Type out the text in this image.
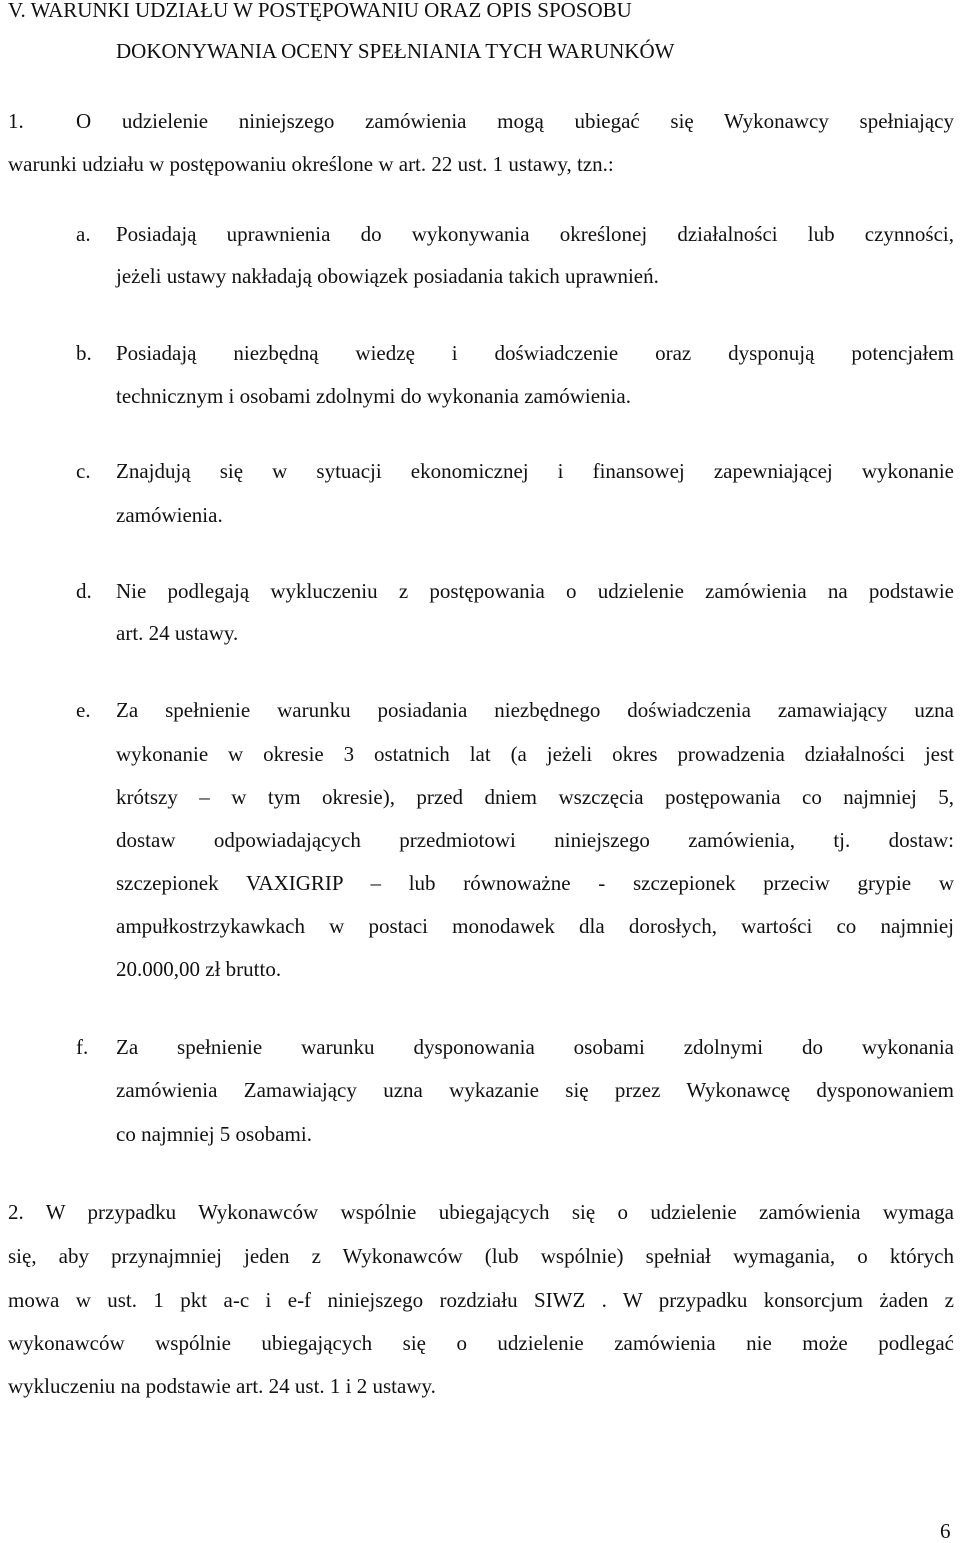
V. WARUNKI UDZIAŁU W POSTĘPOWANIU ORAZ OPIS SPOSOBU
DOKONYWANIA OCENY SPEŁNIANIA TYCH WARUNKÓW
1. O udzielenie niniejszego zamówienia mogą ubiegać się Wykonawcy spełniający
warunki udziału w postępowaniu określone w art. 22 ust. 1 ustawy, tzn.:
a. Posiadają uprawnienia do wykonywania określonej działalności lub czynności,
jeżeli ustawy nakładają obowiązek posiadania takich uprawnień.
b. Posiadają niezbędną wiedzę i doświadczenie oraz dysponują potencjałem
technicznym i osobami zdolnymi do wykonania zamówienia.
c. Znajdują się w sytuacji ekonomicznej i finansowej zapewniającej wykonanie
zamówienia.
d. Nie podlegają wykluczeniu z postępowania o udzielenie zamówienia na podstawie
art. 24 ustawy.
e. Za spełnienie warunku posiadania niezbędnego doświadczenia zamawiający uzna
wykonanie w okresie 3 ostatnich lat (a jeżeli okres prowadzenia działalności jest
krótszy – w tym okresie), przed dniem wszczęcia postępowania co najmniej 5,
dostaw odpowiadających przedmiotowi niniejszego zamówienia, tj. dostaw:
szczepionek VAXIGRIP – lub równoważne - szczepionek przeciw grypie w
ampułkostrzykawkach w postaci monodawek dla dorosłych, wartości co najmniej
20.000,00 zł brutto.
f. Za spełnienie warunku dysponowania osobami zdolnymi do wykonania
zamówienia Zamawiający uzna wykazanie się przez Wykonawcę dysponowaniem
co najmniej 5 osobami.
2. W przypadku Wykonawców wspólnie ubiegających się o udzielenie zamówienia wymaga
się, aby przynajmniej jeden z Wykonawców (lub wspólnie) spełniał wymagania, o których
mowa w ust. 1 pkt a-c i e-f niniejszego rozdziału SIWZ . W przypadku konsorcjum żaden z
wykonawców wspólnie ubiegających się o udzielenie zamówienia nie może podlegać
wykluczeniu na podstawie art. 24 ust. 1 i 2 ustawy.
6
